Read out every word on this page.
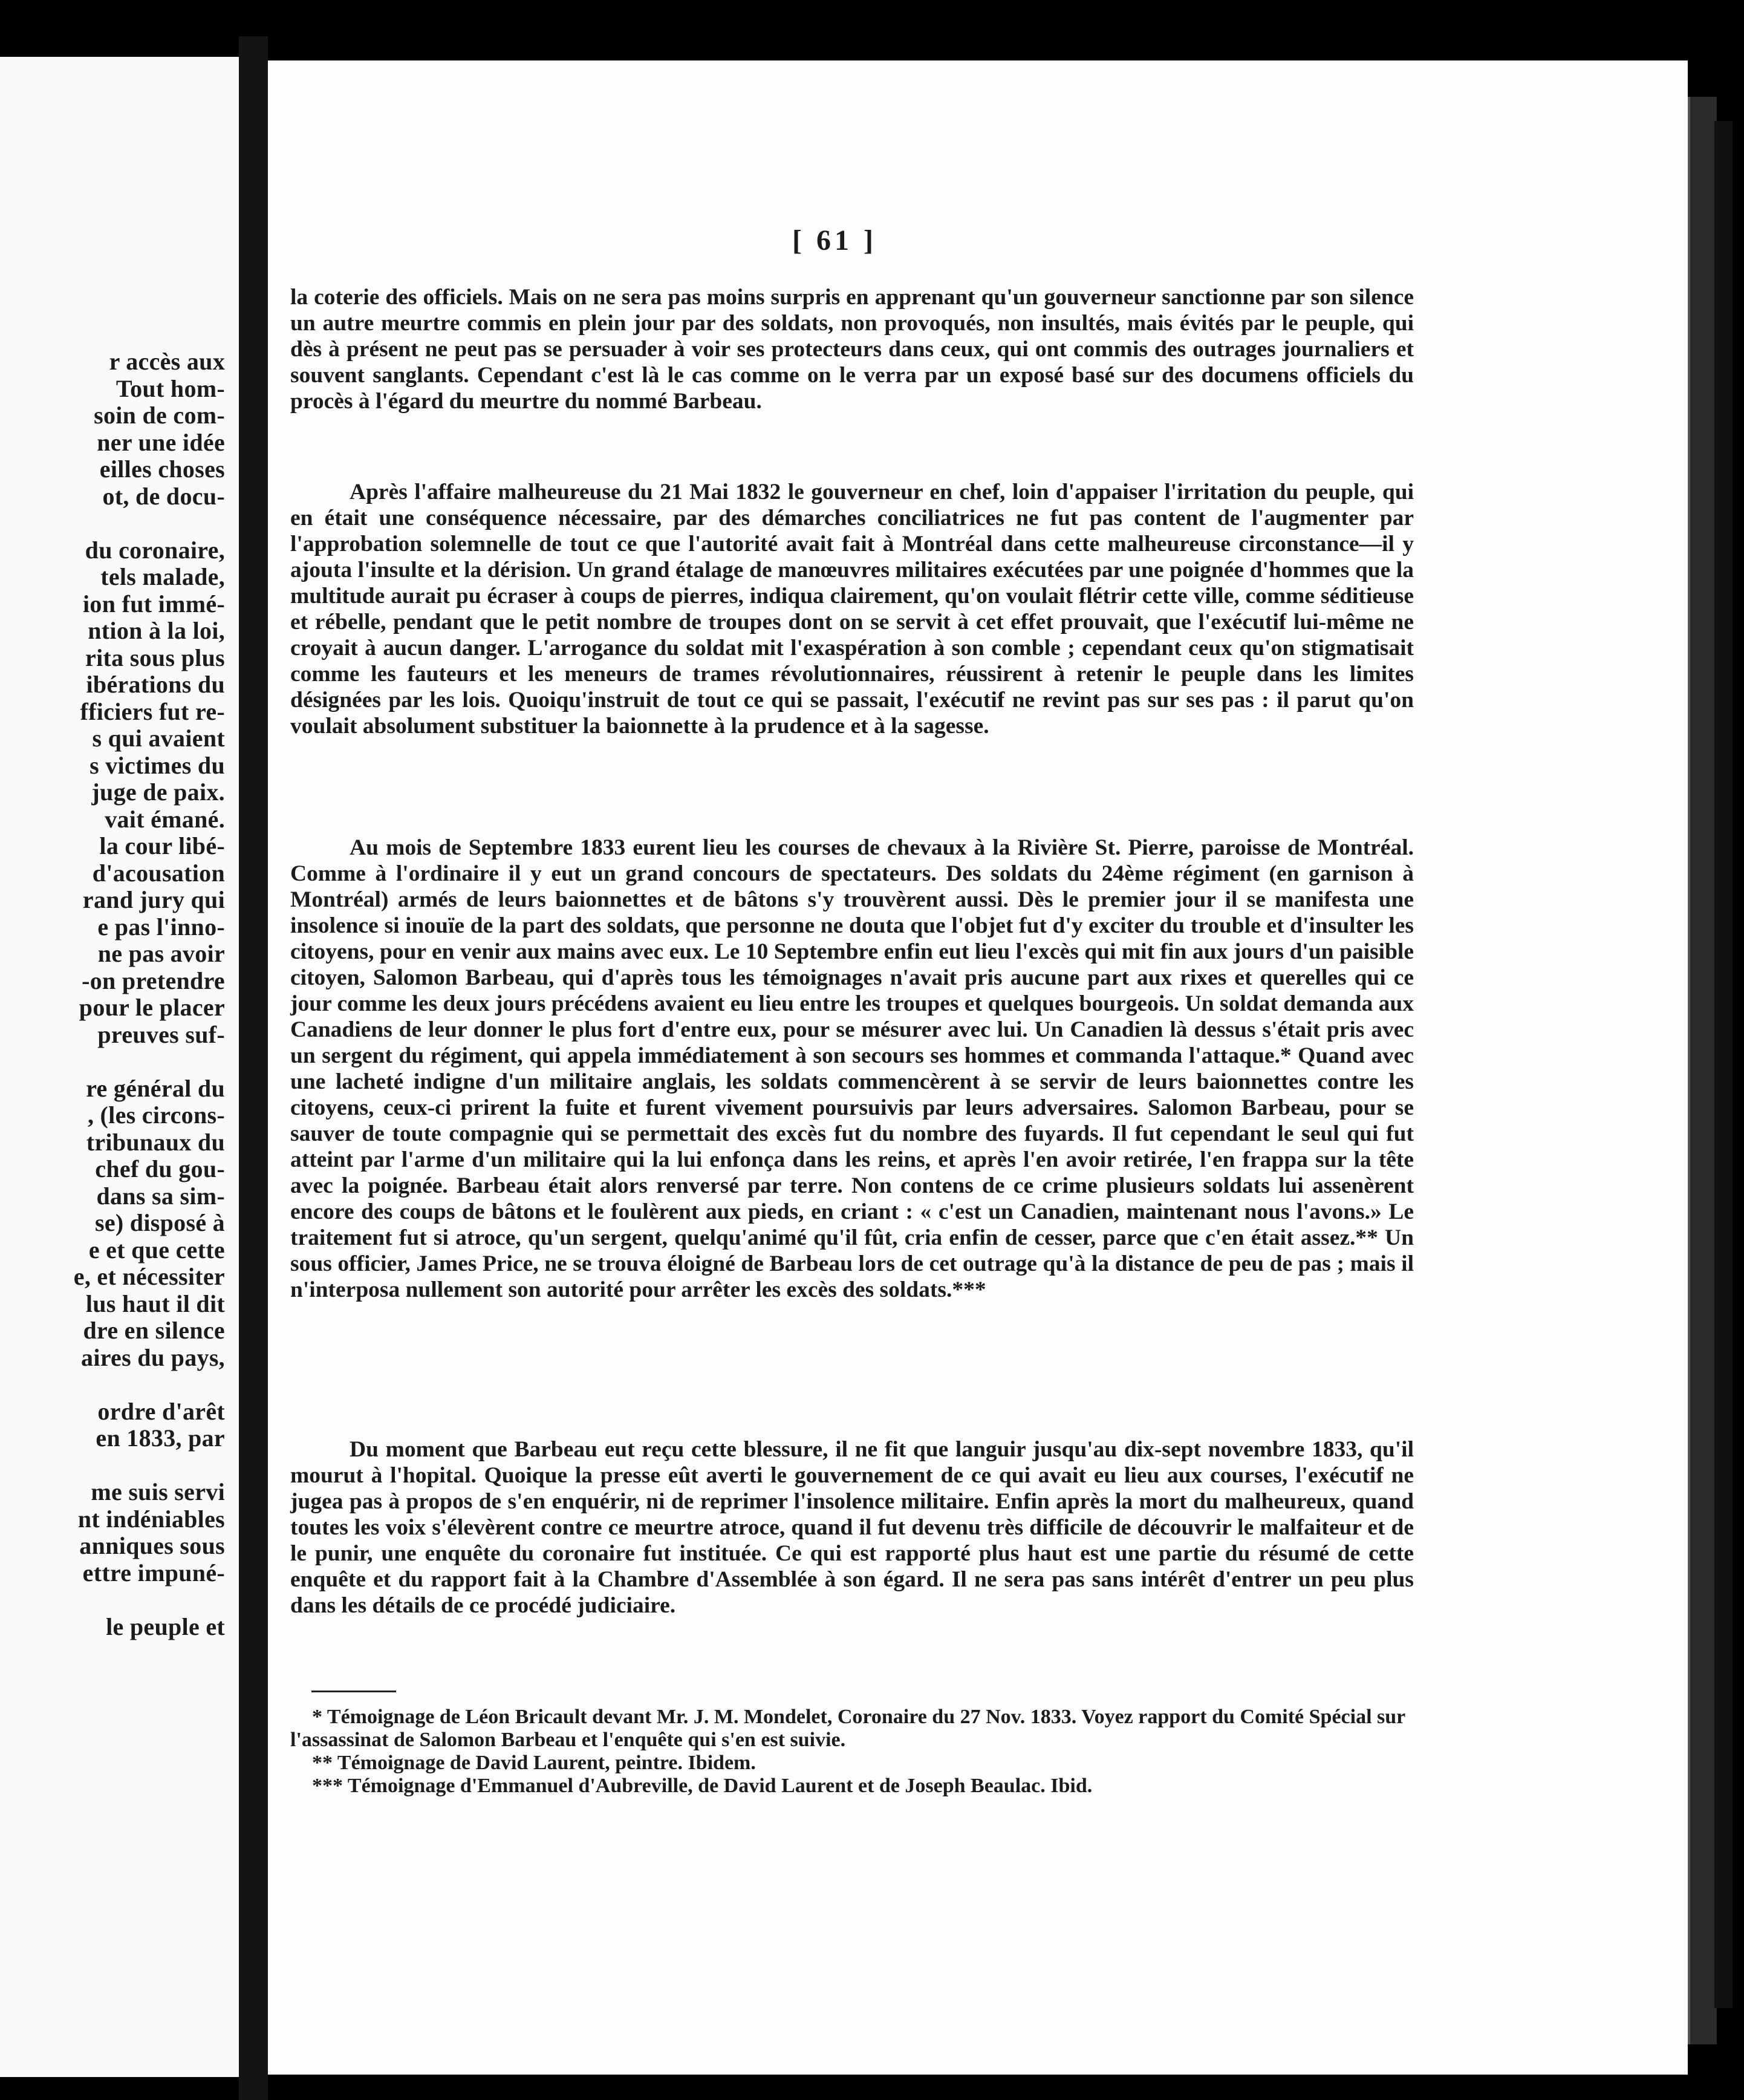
r accès aux
Tout hom-
soin de com-
ner une idée
eilles choses
ot, de docu-
du coronaire,
tels malade,
ion fut immé-
ntion à la loi,
rita sous plus
ibérations du
fficiers fut re-
s qui avaient
s victimes du
juge de paix.
vait émané.
la cour libé-
d'acousation
rand jury qui
e pas l'inno-
ne pas avoir
-on pretendre
pour le placer
preuves suf-
re général du
, (les circons-
tribunaux du
chef du gou-
dans sa sim-
se) disposé à
e et que cette
e, et nécessiter
lus haut il dit
dre en silence
aires du pays,
ordre d'arêt
en 1833, par
me suis servi
nt indéniables
anniques sous
ettre impuné-
le peuple et
[ 61 ]

la coterie des officiels. Mais on ne sera pas moins surpris en apprenant qu'un gouverneur sanctionne par son silence un autre meurtre commis en plein jour par des soldats, non provoqués, non insultés, mais évités par le peuple, qui dès à présent ne peut pas se persuader à voir ses protecteurs dans ceux, qui ont commis des outrages journaliers et souvent sanglants. Cependant c'est là le cas comme on le verra par un exposé basé sur des documens officiels du procès à l'égard du meurtre du nommé Barbeau.

Après l'affaire malheureuse du 21 Mai 1832 le gouverneur en chef, loin d'appaiser l'irritation du peuple, qui en était une conséquence nécessaire, par des démarches conciliatrices ne fut pas content de l'augmenter par l'approbation solemnelle de tout ce que l'autorité avait fait à Montréal dans cette malheureuse circonstance—il y ajouta l'insulte et la dérision. Un grand étalage de manœuvres militaires exécutées par une poignée d'hommes que la multitude aurait pu écraser à coups de pierres, indiqua clairement, qu'on voulait flétrir cette ville, comme séditieuse et rébelle, pendant que le petit nombre de troupes dont on se servit à cet effet prouvait, que l'exécutif lui-même ne croyait à aucun danger. L'arrogance du soldat mit l'exaspération à son comble ; cependant ceux qu'on stigmatisait comme les fauteurs et les meneurs de trames révolutionnaires, réussirent à retenir le peuple dans les limites désignées par les lois. Quoiqu'instruit de tout ce qui se passait, l'exécutif ne revint pas sur ses pas : il parut qu'on voulait absolument substituer la baionnette à la prudence et à la sagesse.

Au mois de Septembre 1833 eurent lieu les courses de chevaux à la Rivière St. Pierre, paroisse de Montréal. Comme à l'ordinaire il y eut un grand concours de spectateurs. Des soldats du 24ème régiment (en garnison à Montréal) armés de leurs baionnettes et de bâtons s'y trouvèrent aussi. Dès le premier jour il se manifesta une insolence si inouïe de la part des soldats, que personne ne douta que l'objet fut d'y exciter du trouble et d'insulter les citoyens, pour en venir aux mains avec eux. Le 10 Septembre enfin eut lieu l'excès qui mit fin aux jours d'un paisible citoyen, Salomon Barbeau, qui d'après tous les témoignages n'avait pris aucune part aux rixes et querelles qui ce jour comme les deux jours précédens avaient eu lieu entre les troupes et quelques bourgeois. Un soldat demanda aux Canadiens de leur donner le plus fort d'entre eux, pour se mésurer avec lui. Un Canadien là dessus s'était pris avec un sergent du régiment, qui appela immédiatement à son secours ses hommes et commanda l'attaque.* Quand avec une lacheté indigne d'un militaire anglais, les soldats commencèrent à se servir de leurs baionnettes contre les citoyens, ceux-ci prirent la fuite et furent vivement poursuivis par leurs adversaires. Salomon Barbeau, pour se sauver de toute compagnie qui se permettait des excès fut du nombre des fuyards. Il fut cependant le seul qui fut atteint par l'arme d'un militaire qui la lui enfonça dans les reins, et après l'en avoir retirée, l'en frappa sur la tête avec la poignée. Barbeau était alors renversé par terre. Non contens de ce crime plusieurs soldats lui assenèrent encore des coups de bâtons et le foulèrent aux pieds, en criant : « c'est un Canadien, maintenant nous l'avons.» Le traitement fut si atroce, qu'un sergent, quelqu'animé qu'il fût, cria enfin de cesser, parce que c'en était assez.** Un sous officier, James Price, ne se trouva éloigné de Barbeau lors de cet outrage qu'à la distance de peu de pas ; mais il n'interposa nullement son autorité pour arrêter les excès des soldats.***

Du moment que Barbeau eut reçu cette blessure, il ne fit que languir jusqu'au dix-sept novembre 1833, qu'il mourut à l'hopital. Quoique la presse eût averti le gouvernement de ce qui avait eu lieu aux courses, l'exécutif ne jugea pas à propos de s'en enquérir, ni de reprimer l'insolence militaire. Enfin après la mort du malheureux, quand toutes les voix s'élevèrent contre ce meurtre atroce, quand il fut devenu très difficile de découvrir le malfaiteur et de le punir, une enquête du coronaire fut instituée. Ce qui est rapporté plus haut est une partie du résumé de cette enquête et du rapport fait à la Chambre d'Assemblée à son égard. Il ne sera pas sans intérêt d'entrer un peu plus dans les détails de ce procédé judiciaire.

* Témoignage de Léon Bricault devant Mr. J. M. Mondelet, Coronaire du 27 Nov. 1833. Voyez rapport du Comité Spécial sur l'assassinat de Salomon Barbeau et l'enquête qui s'en est suivie.

** Témoignage de David Laurent, peintre. Ibidem.

*** Témoignage d'Emmanuel d'Aubreville, de David Laurent et de Joseph Beaulac. Ibid.
